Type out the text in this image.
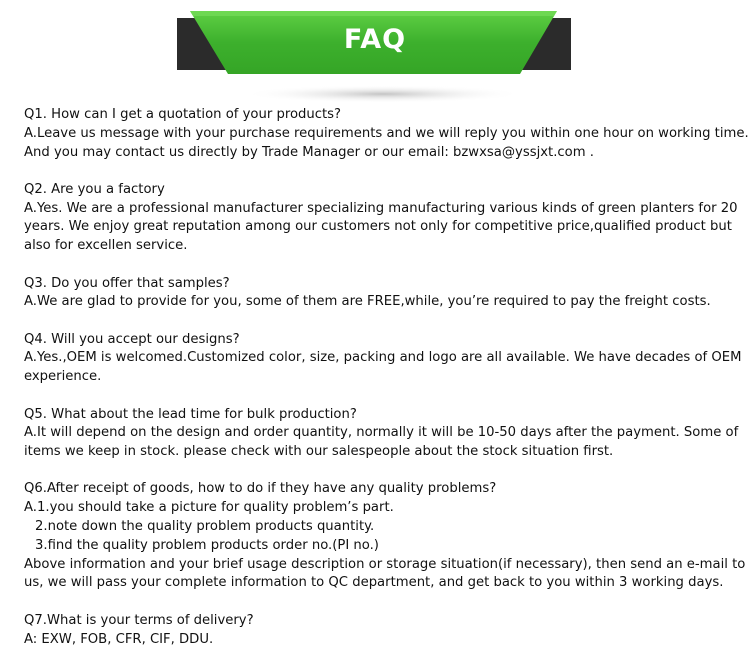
FAQ
Q1. How can I get a quotation of your products?
A.Leave us message with your purchase requirements and we will reply you within one hour on working time.
And you may contact us directly by Trade Manager or our email: bzwxsa@yssjxt.com .
Q2. Are you a factory
A.Yes. We are a professional manufacturer specializing manufacturing various kinds of green planters for 20
years. We enjoy great reputation among our customers not only for competitive price,qualified product but
also for excellen service.
Q3. Do you offer that samples?
A.We are glad to provide for you, some of them are FREE,while, you’re required to pay the freight costs.
Q4. Will you accept our designs?
A.Yes.,OEM is welcomed.Customized color, size, packing and logo are all available. We have decades of OEM
experience.
Q5. What about the lead time for bulk production?
A.It will depend on the design and order quantity, normally it will be 10-50 days after the payment. Some of
items we keep in stock. please check with our salespeople about the stock situation first.
Q6.After receipt of goods, how to do if they have any quality problems?
A.1.you should take a picture for quality problem’s part.
2.note down the quality problem products quantity.
3.find the quality problem products order no.(PI no.)
Above information and your brief usage description or storage situation(if necessary), then send an e-mail to
us, we will pass your complete information to QC department, and get back to you within 3 working days.
Q7.What is your terms of delivery?
A: EXW, FOB, CFR, CIF, DDU.
